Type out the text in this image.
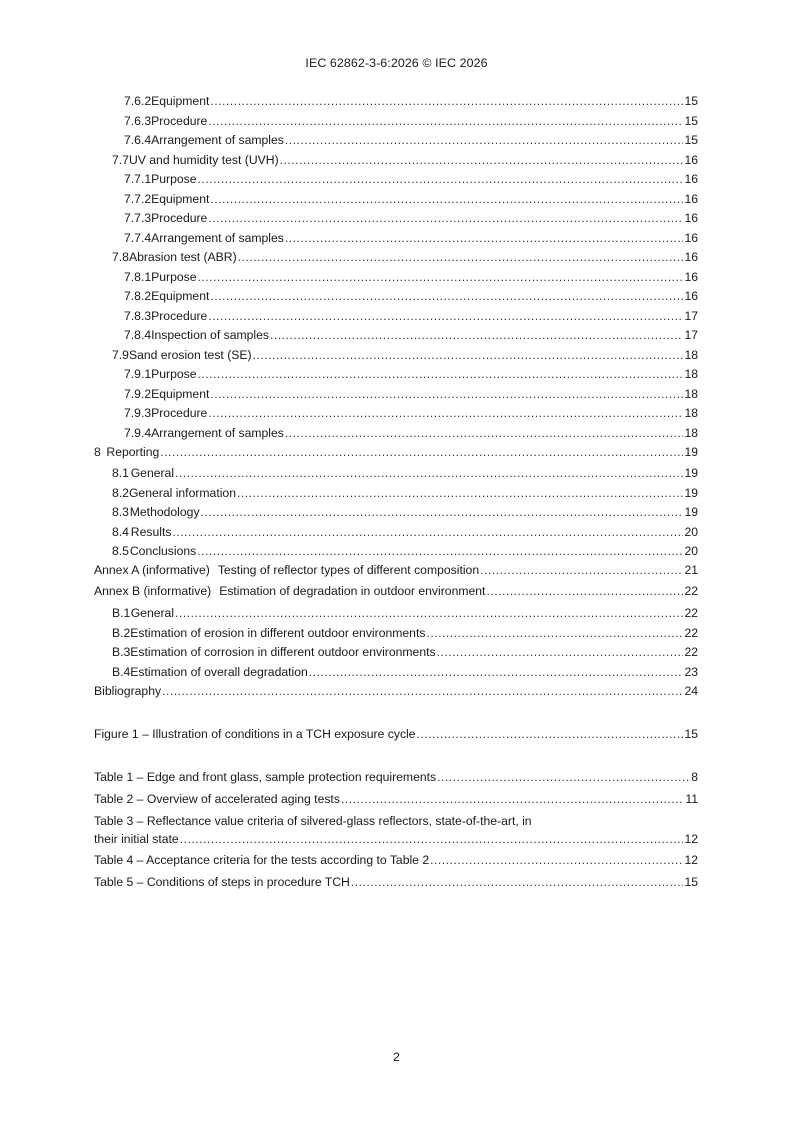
IEC 62862-3-6:2026 © IEC 2026
7.6.2 Equipment .....	15
7.6.3 Procedure .....	15
7.6.4 Arrangement of samples .....	15
7.7 UV and humidity test (UVH) .....	16
7.7.1 Purpose .....	16
7.7.2 Equipment .....	16
7.7.3 Procedure .....	16
7.7.4 Arrangement of samples .....	16
7.8 Abrasion test (ABR) .....	16
7.8.1 Purpose .....	16
7.8.2 Equipment .....	16
7.8.3 Procedure .....	17
7.8.4 Inspection of samples .....	17
7.9 Sand erosion test (SE) .....	18
7.9.1 Purpose .....	18
7.9.2 Equipment .....	18
7.9.3 Procedure .....	18
7.9.4 Arrangement of samples .....	18
8 Reporting .....	19
8.1 General .....	19
8.2 General information .....	19
8.3 Methodology .....	19
8.4 Results .....	20
8.5 Conclusions .....	20
Annex A (informative) Testing of reflector types of different composition .....	21
Annex B (informative) Estimation of degradation in outdoor environment .....	22
B.1 General .....	22
B.2 Estimation of erosion in different outdoor environments .....	22
B.3 Estimation of corrosion in different outdoor environments .....	22
B.4 Estimation of overall degradation .....	23
Bibliography .....	24
Figure 1 – Illustration of conditions in a TCH exposure cycle .....	15
Table 1 – Edge and front glass, sample protection requirements .....	8
Table 2 – Overview of accelerated aging tests .....	11
Table 3 – Reflectance value criteria of silvered-glass reflectors, state-of-the-art, in
their initial state .....	12
Table 4 – Acceptance criteria for the tests according to Table 2 .....	12
Table 5 – Conditions of steps in procedure TCH .....	15
2
